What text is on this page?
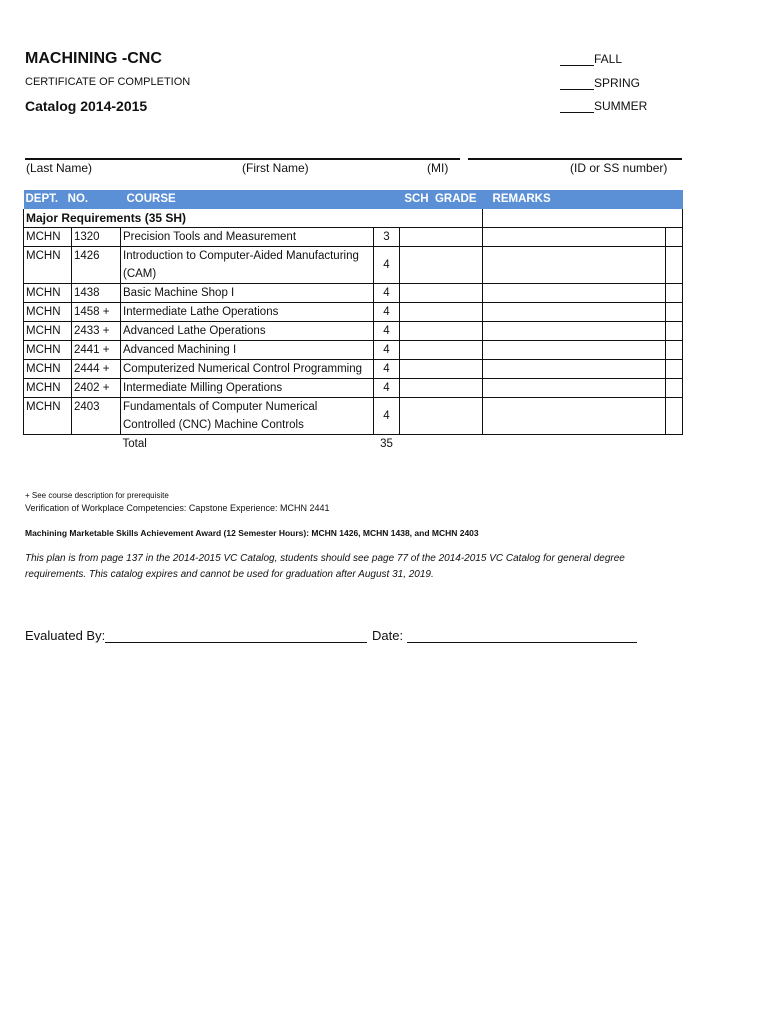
MACHINING -CNC
CERTIFICATE OF COMPLETION
Catalog 2014-2015
FALL
SPRING
SUMMER
(Last Name)	(First Name)	(MI)	(ID or SS number)
DEPT.   NO.		COURSE	SCH GRADE		REMARKS	
Major Requirements (35 SH)						
MCHN	1320	Precision Tools and Measurement	3			
MCHN	1426	Introduction to Computer-Aided Manufacturing (CAM)	4			
MCHN	1438	Basic Machine Shop I	4			
MCHN	1458 +	Intermediate Lathe Operations	4			
MCHN	2433 +	Advanced Lathe Operations	4			
MCHN	2441 +	Advanced Machining I	4			
MCHN	2444 +	Computerized Numerical Control Programming	4			
MCHN	2402 +	Intermediate Milling Operations	4			
MCHN	2403	Fundamentals of Computer Numerical Controlled (CNC) Machine Controls	4			
		Total	35			
+ See course description for prerequisite
Verification of Workplace Competencies: Capstone Experience: MCHN 2441
Machining Marketable Skills Achievement Award (12 Semester Hours): MCHN 1426, MCHN 1438, and MCHN 2403
This plan is from page 137 in the 2014-2015 VC Catalog, students should see page 77 of the 2014-2015 VC Catalog for general degree requirements. This catalog expires and cannot be used for graduation after August 31, 2019.
Evaluated By:	Date:
